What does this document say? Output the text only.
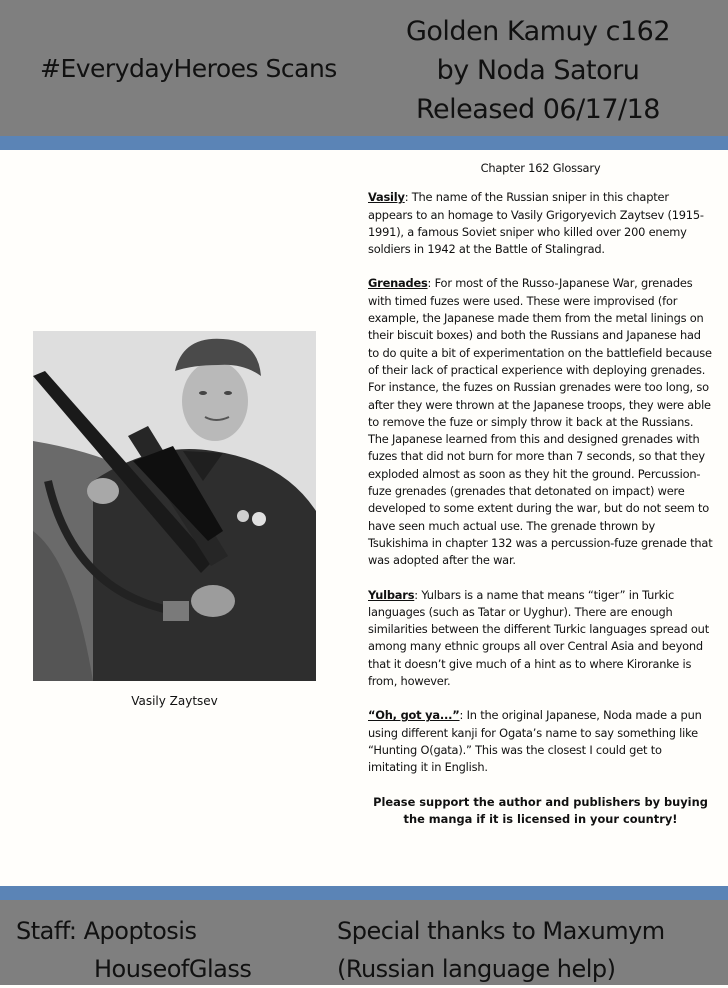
#EverydayHeroes Scans
Golden Kamuy c162
by Noda Satoru
Released 06/17/18
Vasily Zaytsev
Chapter 162 Glossary
Vasily: The name of the Russian sniper in this chapter appears to an homage to Vasily Grigoryevich Zaytsev (1915-1991), a famous Soviet sniper who killed over 200 enemy soldiers in 1942 at the Battle of Stalingrad.
Grenades: For most of the Russo-Japanese War, grenades with timed fuzes were used. These were improvised (for example, the Japanese made them from the metal linings on their biscuit boxes) and both the Russians and Japanese had to do quite a bit of experimentation on the battlefield because of their lack of practical experience with deploying grenades. For instance, the fuzes on Russian grenades were too long, so after they were thrown at the Japanese troops, they were able to remove the fuze or simply throw it back at the Russians. The Japanese learned from this and designed grenades with fuzes that did not burn for more than 7 seconds, so that they exploded almost as soon as they hit the ground. Percussion-fuze grenades (grenades that detonated on impact) were developed to some extent during the war, but do not seem to have seen much actual use. The grenade thrown by Tsukishima in chapter 132 was a percussion-fuze grenade that was adopted after the war.
Yulbars: Yulbars is a name that means “tiger” in Turkic languages (such as Tatar or Uyghur). There are enough similarities between the different Turkic languages spread out among many ethnic groups all over Central Asia and beyond that it doesn’t give much of a hint as to where Kiroranke is from, however.
“Oh, got ya...”: In the original Japanese, Noda made a pun using different kanji for Ogata’s name to say something like “Hunting O(gata).” This was the closest I could get to imitating it in English.
Please support the author and publishers by buying the manga if it is licensed in your country!
Staff: Apoptosis
HouseofGlass
Special thanks to Maxumym
(Russian language help)
